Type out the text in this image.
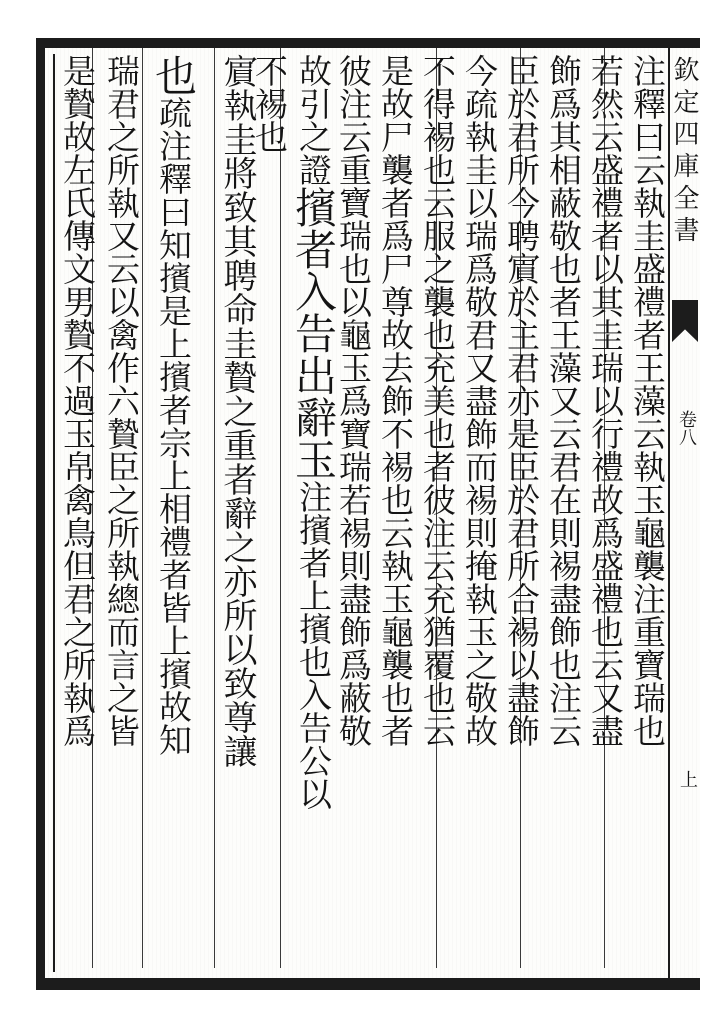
欽定四庫全書
卷八
上
注釋曰云執圭盛禮者王藻云執玉龜襲注重寶瑞也
若然云盛禮者以其圭瑞以行禮故爲盛禮也云又盡
飾爲其相蔽敬也者王藻又云君在則裼盡飾也注云
臣於君所今聘賔於主君亦是臣於君所合裼以盡飾
今疏執圭以瑞爲敬君又盡飾而裼則掩執玉之敬故
不得裼也云服之襲也充美也者彼注云充猶覆也云
是故尸襲者爲尸尊故去飾不裼也云執玉龜襲也者
彼注云重寶瑞也以龜玉爲寶瑞若裼則盡飾爲蔽敬
故引之證擯者入告出辭玉注擯者上擯也入告公以
不裼也
賔執圭將致其聘命圭贄之重者辭之亦所以致尊讓
也疏注釋曰知擯是上擯者宗上相禮者皆上擯故知
瑞君之所執又云以禽作六贄臣之所執總而言之皆
是贄故左氏傳文男贄不過玉帛禽鳥但君之所執爲
